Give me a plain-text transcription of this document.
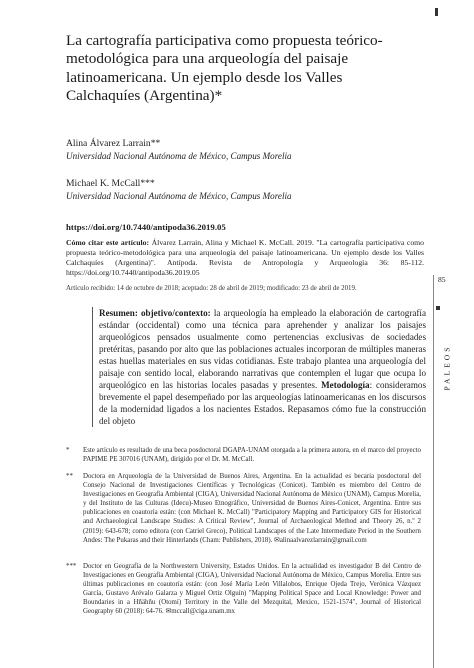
La cartografía participativa como propuesta teórico-metodológica para una arqueología del paisaje latinoamericana. Un ejemplo desde los Valles Calchaquíes (Argentina)*
Alina Álvarez Larrain**
Universidad Nacional Autónoma de México, Campus Morelia
Michael K. McCall***
Universidad Nacional Autónoma de México, Campus Morelia
https://doi.org/10.7440/antipoda36.2019.05
Cómo citar este artículo: Álvarez Larrain, Alina y Michael K. McCall. 2019. "La cartografía participativa como propuesta teórico-metodológica para una arqueología del paisaje latinoamericana. Un ejemplo desde los Valles Calchaquíes (Argentina)". Antípoda. Revista de Antropología y Arqueología 36: 85-112. https://doi.org/10.7440/antipoda36.2019.05
Artículo recibido: 14 de octubre de 2018; aceptado: 28 de abril de 2019; modificado: 23 de abril de 2019.

Resumen: objetivo/contexto: la arqueología ha empleado la elaboración de cartografía estándar (occidental) como una técnica para aprehender y analizar los paisajes arqueológicos pensados usualmente como pertenencias exclusivas de sociedades pretéritas, pasando por alto que las poblaciones actuales incorporan de múltiples maneras estas huellas materiales en sus vidas cotidianas. Este trabajo plantea una arqueología del paisaje con sentido local, elaborando narrativas que contemplen el lugar que ocupa lo arqueológico en las historias locales pasadas y presentes. Metodología: consideramos brevemente el papel desempeñado por las arqueologías latinoamericanas en los discursos de la modernidad ligados a los nacientes Estados. Repasamos cómo fue la construcción del objeto

* Este artículo es resultado de una beca posdoctoral DGAPA-UNAM otorgada a la primera autora, en el marco del proyecto PAPIME PE 307016 (UNAM), dirigido por el Dr. M. McCall.
** Doctora en Arqueología de la Universidad de Buenos Aires, Argentina. En la actualidad es becaria posdoctoral del Consejo Nacional de Investigaciones Científicas y Tecnológicas (Conicet). También es miembro del Centro de Investigaciones en Geografía Ambiental (CIGA), Universidad Nacional Autónoma de México (UNAM), Campus Morelia, y del Instituto de las Culturas (Idecu)-Museo Etnográfico, Universidad de Buenos Aires-Conicet, Argentina. Entre sus publicaciones en coautoría están: (con Michael K. McCall) "Participatory Mapping and Participatory GIS for Historical and Archaeological Landscape Studies: A Critical Review", Journal of Archaeological Method and Theory 26, n.º 2 (2019): 643-678; como editora (con Catriel Greco), Political Landscapes of the Late Intermediate Period in the Southern Andes: The Pukaras and their Hinterlands (Cham: Publishers, 2018). ✉alinaalvarezlarrain@gmail.com
*** Doctor en Geografía de la Northwestern University, Estados Unidos. En la actualidad es investigador B del Centro de Investigaciones en Geografía Ambiental (CIGA), Universidad Nacional Autónoma de México, Campus Morelia. Entre sus últimas publicaciones en coautoría están: (con José María León Villalobos, Enrique Ojeda Trejo, Verónica Vázquez García, Gustavo Arévalo Galarza y Miguel Ortiz Olguín) "Mapping Political Space and Local Knowledge: Power and Boundaries in a Hñähñu (Otomí) Territory in the Valle del Mezquital, Mexico, 1521-1574", Journal of Historical Geography 60 (2018): 64-76. ✉mccall@ciga.unam.mx
85
PALEOS
